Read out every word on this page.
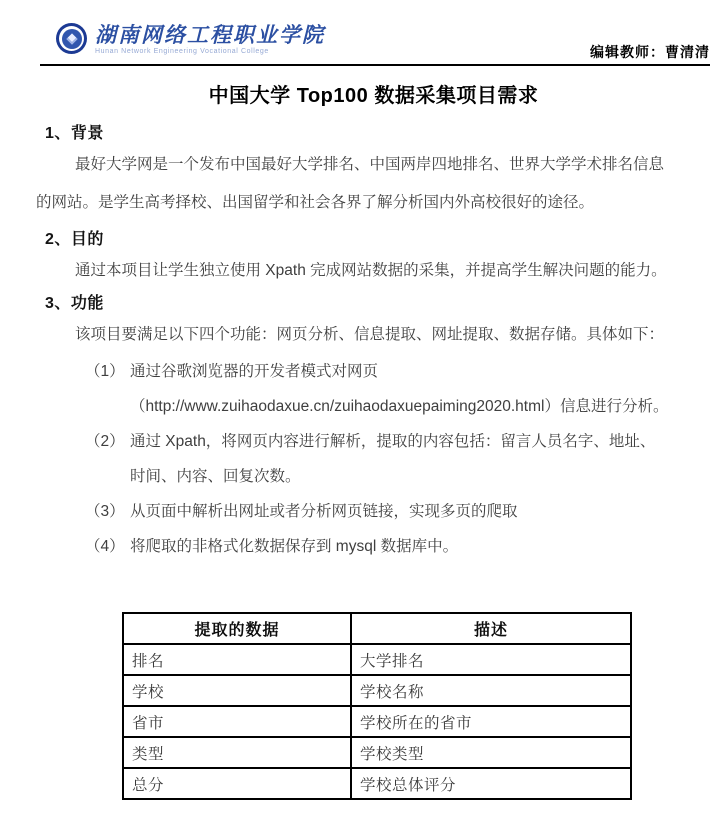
湖南网络工程职业学院
Hunan Network Engineering Vocational College	编辑教师：曹清清
中国大学 Top100 数据采集项目需求
1、背景
最好大学网是一个发布中国最好大学排名、中国两岸四地排名、世界大学学术排名信息
的网站。是学生高考择校、出国留学和社会各界了解分析国内外高校很好的途径。
2、目的
通过本项目让学生独立使用 Xpath 完成网站数据的采集，并提高学生解决问题的能力。
3、功能
该项目要满足以下四个功能：网页分析、信息提取、网址提取、数据存储。具体如下：
（1） 通过谷歌浏览器的开发者模式对网页
（http://www.zuihaodaxue.cn/zuihaodaxuepaiming2020.html）信息进行分析。
（2） 通过 Xpath，将网页内容进行解析，提取的内容包括：留言人员名字、地址、
时间、内容、回复次数。
（3） 从页面中解析出网址或者分析网页链接，实现多页的爬取
（4） 将爬取的非格式化数据保存到 mysql 数据库中。
提取的数据	描述
排名	大学排名
学校	学校名称
省市	学校所在的省市
类型	学校类型
总分	学校总体评分
